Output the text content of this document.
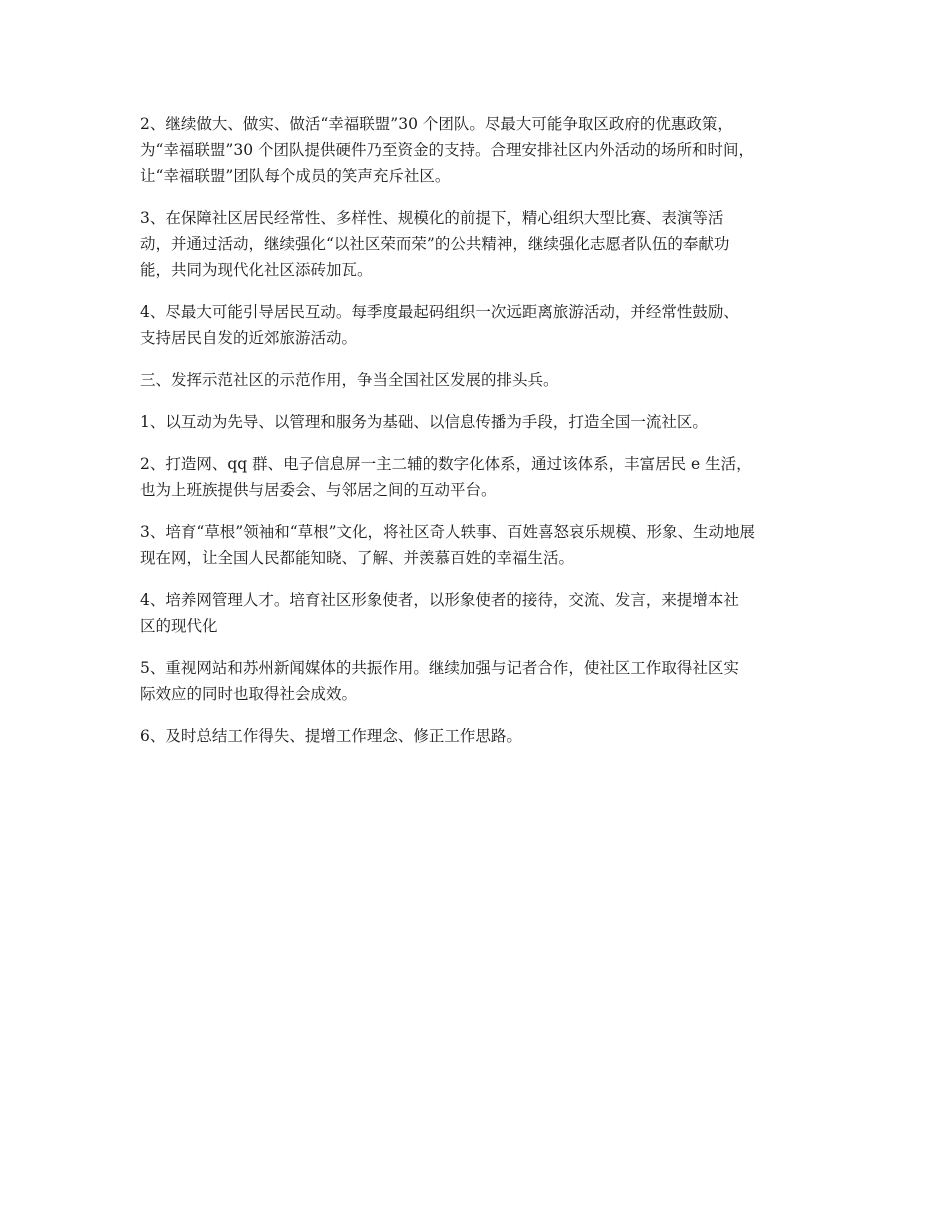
2、继续做大、做实、做活“幸福联盟”30 个团队。尽最大可能争取区政府的优惠政策，
为“幸福联盟”30 个团队提供硬件乃至资金的支持。合理安排社区内外活动的场所和时间，
让“幸福联盟”团队每个成员的笑声充斥社区。

3、在保障社区居民经常性、多样性、规模化的前提下，精心组织大型比赛、表演等活
动，并通过活动，继续强化“以社区荣而荣”的公共精神，继续强化志愿者队伍的奉献功
能，共同为现代化社区添砖加瓦。

4、尽最大可能引导居民互动。每季度最起码组织一次远距离旅游活动，并经常性鼓励、
支持居民自发的近郊旅游活动。

三、发挥示范社区的示范作用，争当全国社区发展的排头兵。

1、以互动为先导、以管理和服务为基础、以信息传播为手段，打造全国一流社区。

2、打造网、qq 群、电子信息屏一主二辅的数字化体系，通过该体系，丰富居民 e 生活，
也为上班族提供与居委会、与邻居之间的互动平台。

3、培育“草根”领袖和“草根”文化，将社区奇人轶事、百姓喜怒哀乐规模、形象、生动地展
现在网，让全国人民都能知晓、了解、并羡慕百姓的幸福生活。

4、培养网管理人才。培育社区形象使者，以形象使者的接待，交流、发言，来提增本社
区的现代化

5、重视网站和苏州新闻媒体的共振作用。继续加强与记者合作，使社区工作取得社区实
际效应的同时也取得社会成效。

6、及时总结工作得失、提增工作理念、修正工作思路。
